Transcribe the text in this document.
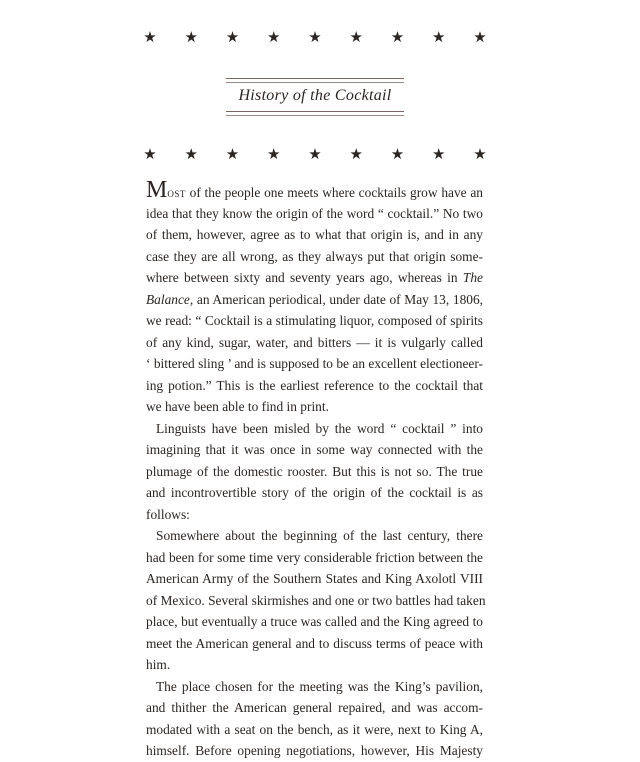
★ ★ ★ ★ ★ ★ ★ ★ ★
History of the Cocktail
★ ★ ★ ★ ★ ★ ★ ★ ★
Most of the people one meets where cocktails grow have an
idea that they know the origin of the word “ cocktail.” No two
of them, however, agree as to what that origin is, and in any
case they are all wrong, as they always put that origin some-
where between sixty and seventy years ago, whereas in The
Balance, an American periodical, under date of May 13, 1806,
we read: “ Cocktail is a stimulating liquor, composed of spirits
of any kind, sugar, water, and bitters — it is vulgarly called
‘ bittered sling ’ and is supposed to be an excellent electioneer-
ing potion.” This is the earliest reference to the cocktail that
we have been able to find in print.
Linguists have been misled by the word “ cocktail ” into
imagining that it was once in some way connected with the
plumage of the domestic rooster. But this is not so. The true
and incontrovertible story of the origin of the cocktail is as
follows:
Somewhere about the beginning of the last century, there
had been for some time very considerable friction between the
American Army of the Southern States and King Axolotl VIII
of Mexico. Several skirmishes and one or two battles had taken
place, but eventually a truce was called and the King agreed to
meet the American general and to discuss terms of peace with
him.
The place chosen for the meeting was the King’s pavilion,
and thither the American general repaired, and was accom-
modated with a seat on the bench, as it were, next to King A,
himself. Before opening negotiations, however, His Majesty
